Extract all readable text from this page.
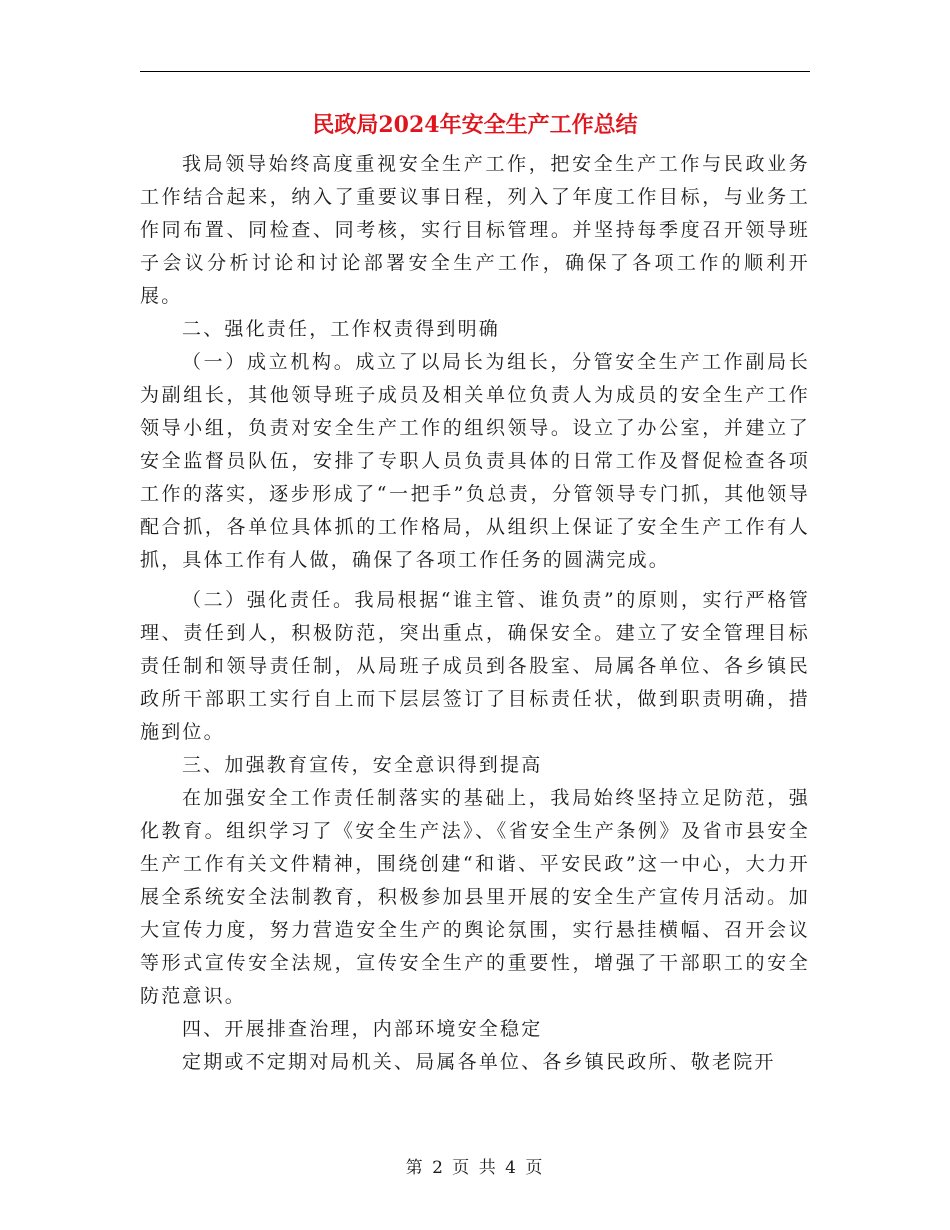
民政局2024年安全生产工作总结

我局领导始终高度重视安全生产工作，把安全生产工作与民政业务工作结合起来，纳入了重要议事日程，列入了年度工作目标，与业务工作同布置、同检查、同考核，实行目标管理。并坚持每季度召开领导班子会议分析讨论和讨论部署安全生产工作，确保了各项工作的顺利开展。

二、强化责任，工作权责得到明确

（一）成立机构。成立了以局长为组长，分管安全生产工作副局长为副组长，其他领导班子成员及相关单位负责人为成员的安全生产工作领导小组，负责对安全生产工作的组织领导。设立了办公室，并建立了安全监督员队伍，安排了专职人员负责具体的日常工作及督促检查各项工作的落实，逐步形成了“一把手”负总责，分管领导专门抓，其他领导配合抓，各单位具体抓的工作格局，从组织上保证了安全生产工作有人抓，具体工作有人做，确保了各项工作任务的圆满完成。

（二）强化责任。我局根据“谁主管、谁负责”的原则，实行严格管理、责任到人，积极防范，突出重点，确保安全。建立了安全管理目标责任制和领导责任制，从局班子成员到各股室、局属各单位、各乡镇民政所干部职工实行自上而下层层签订了目标责任状，做到职责明确，措施到位。

三、加强教育宣传，安全意识得到提高

在加强安全工作责任制落实的基础上，我局始终坚持立足防范，强化教育。组织学习了《安全生产法》、《省安全生产条例》及省市县安全生产工作有关文件精神，围绕创建“和谐、平安民政”这一中心，大力开展全系统安全法制教育，积极参加县里开展的安全生产宣传月活动。加大宣传力度，努力营造安全生产的舆论氛围，实行悬挂横幅、召开会议等形式宣传安全法规，宣传安全生产的重要性，增强了干部职工的安全防范意识。

四、开展排查治理，内部环境安全稳定

定期或不定期对局机关、局属各单位、各乡镇民政所、敬老院开

第 2 页 共 4 页
